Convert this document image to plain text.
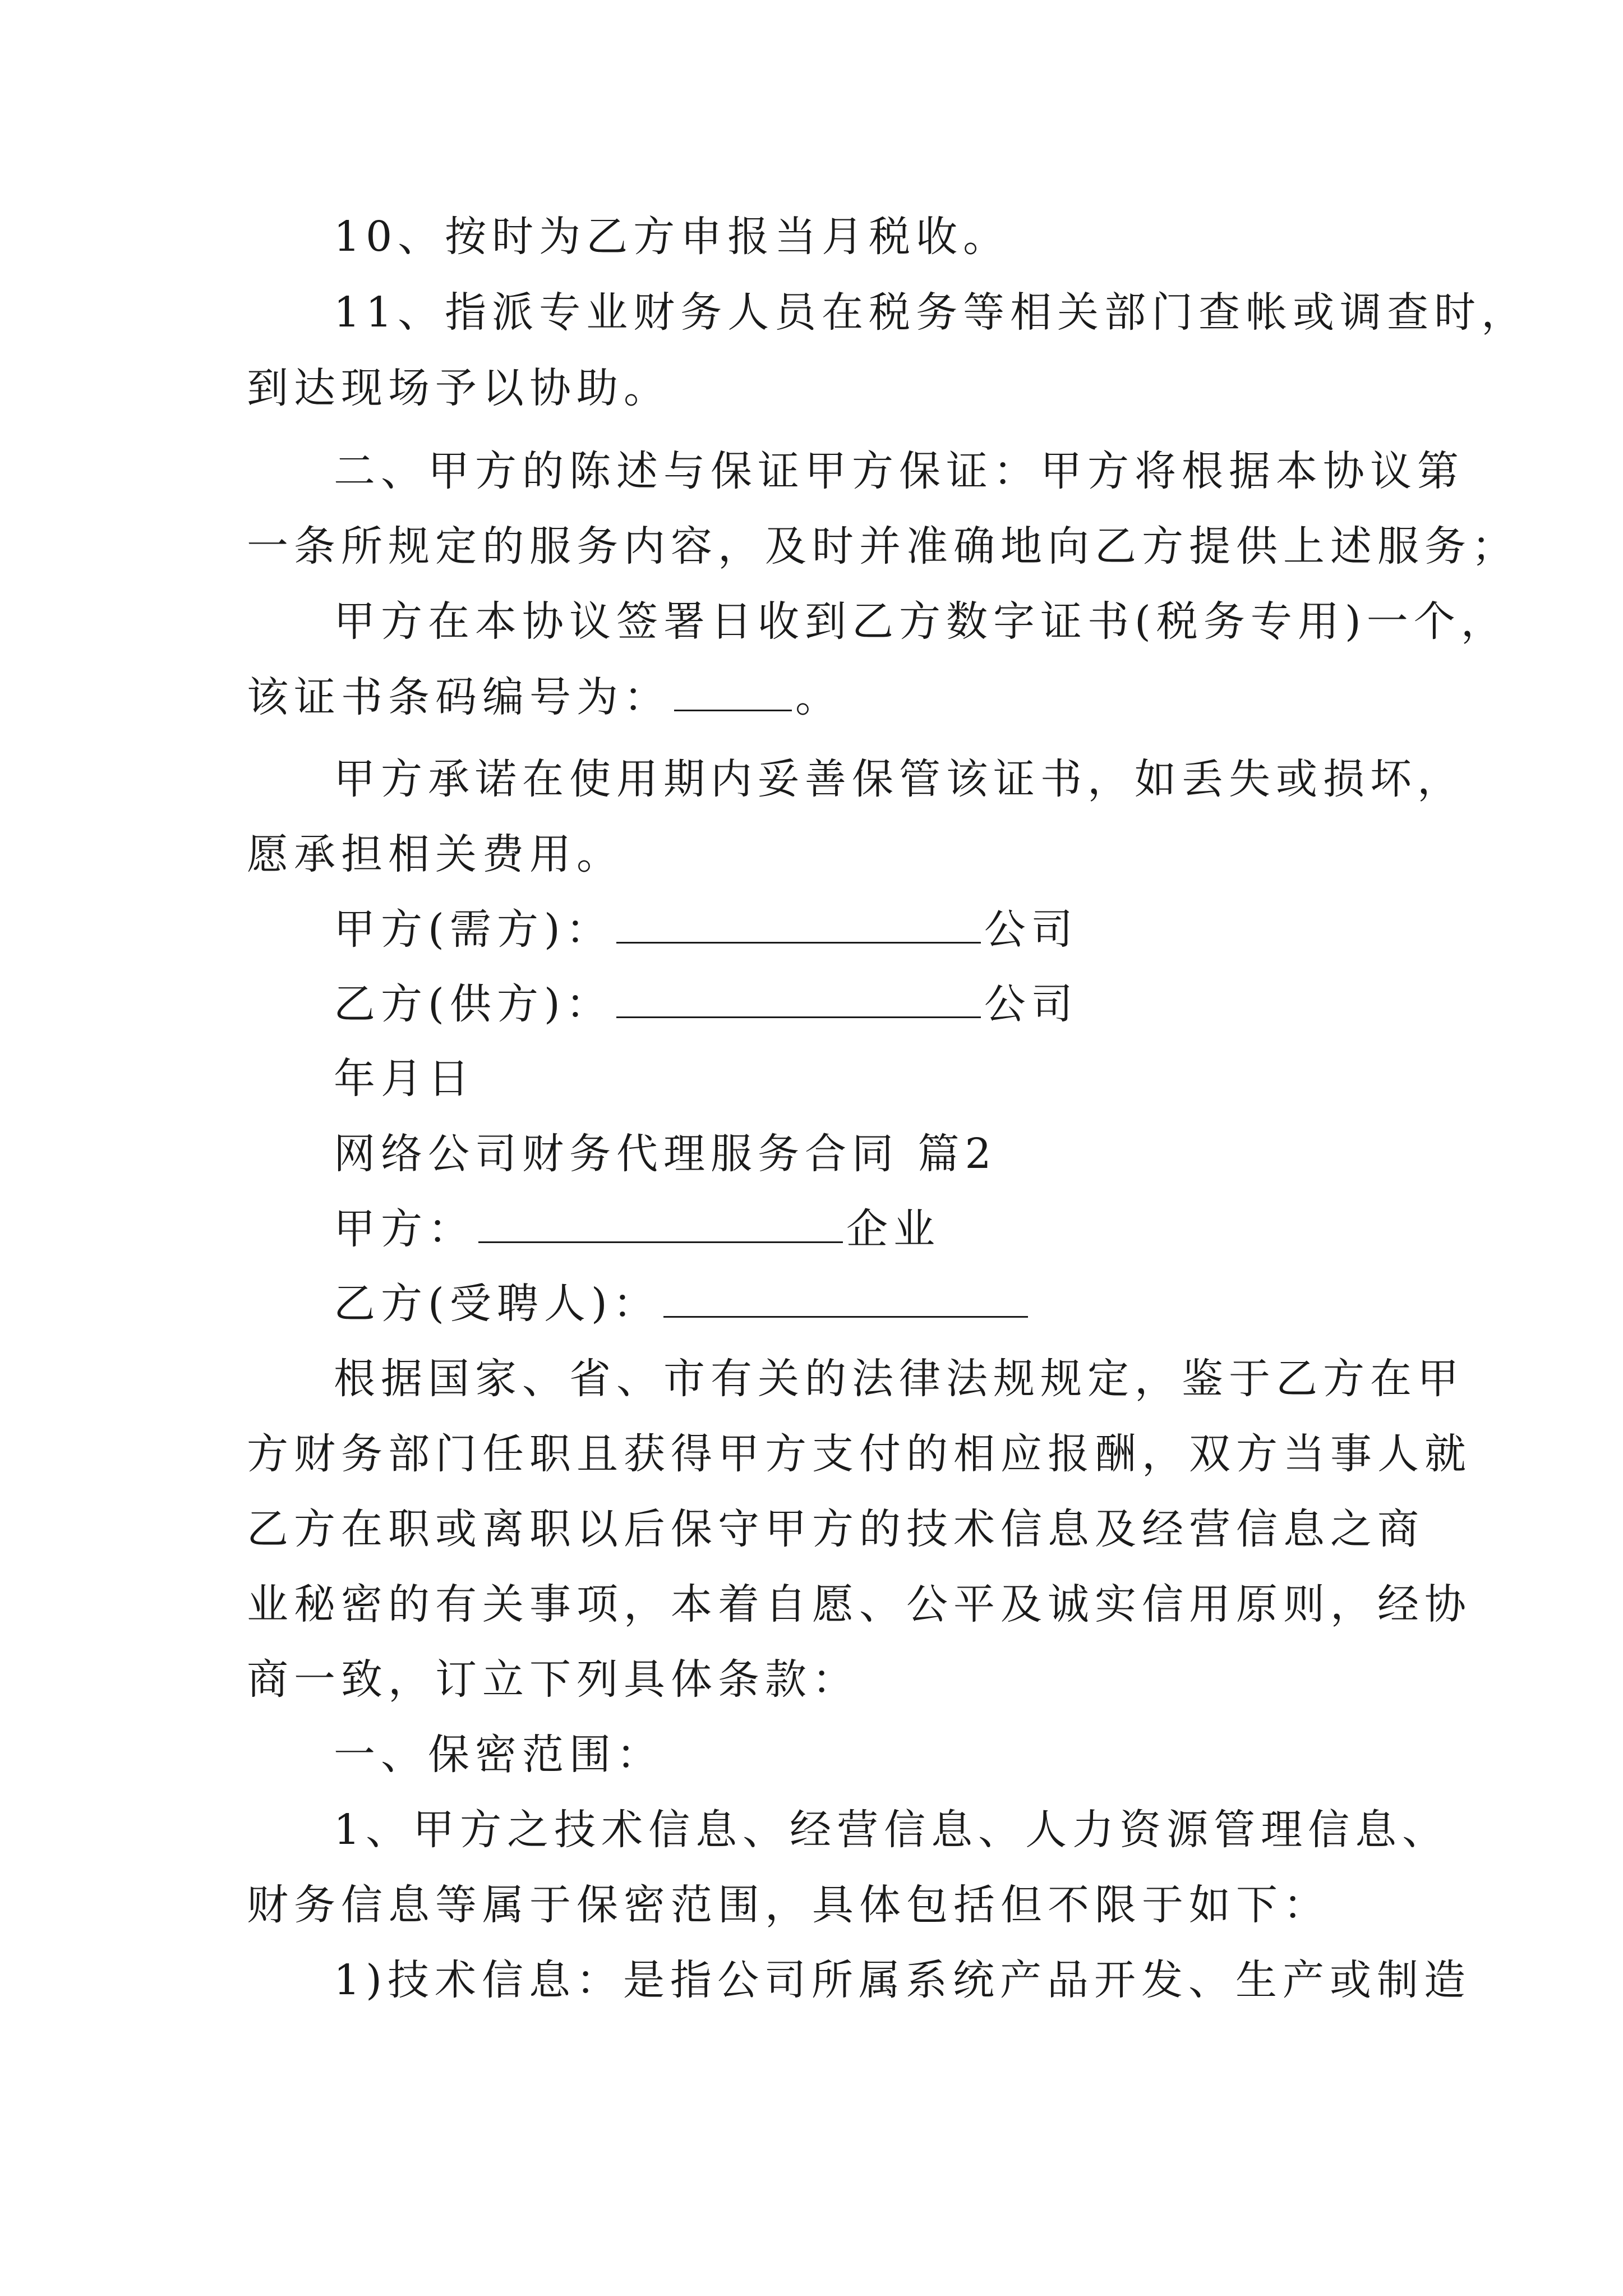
10、按时为乙方申报当月税收。
11、指派专业财务人员在税务等相关部门查帐或调查时，
到达现场予以协助。
二、甲方的陈述与保证甲方保证：甲方将根据本协议第
一条所规定的服务内容，及时并准确地向乙方提供上述服务；
甲方在本协议签署日收到乙方数字证书(税务专用)一个，
该证书条码编号为：	。
甲方承诺在使用期内妥善保管该证书，如丢失或损坏，
愿承担相关费用。
甲方(需方)：	公司
乙方(供方)：	公司
年月日
网络公司财务代理服务合同 篇2
甲方：	企业
乙方(受聘人)：
根据国家、省、市有关的法律法规规定，鉴于乙方在甲
方财务部门任职且获得甲方支付的相应报酬，双方当事人就
乙方在职或离职以后保守甲方的技术信息及经营信息之商
业秘密的有关事项，本着自愿、公平及诚实信用原则，经协
商一致，订立下列具体条款：
一、保密范围：
1、甲方之技术信息、经营信息、人力资源管理信息、
财务信息等属于保密范围，具体包括但不限于如下：
1)技术信息：是指公司所属系统产品开发、生产或制造
